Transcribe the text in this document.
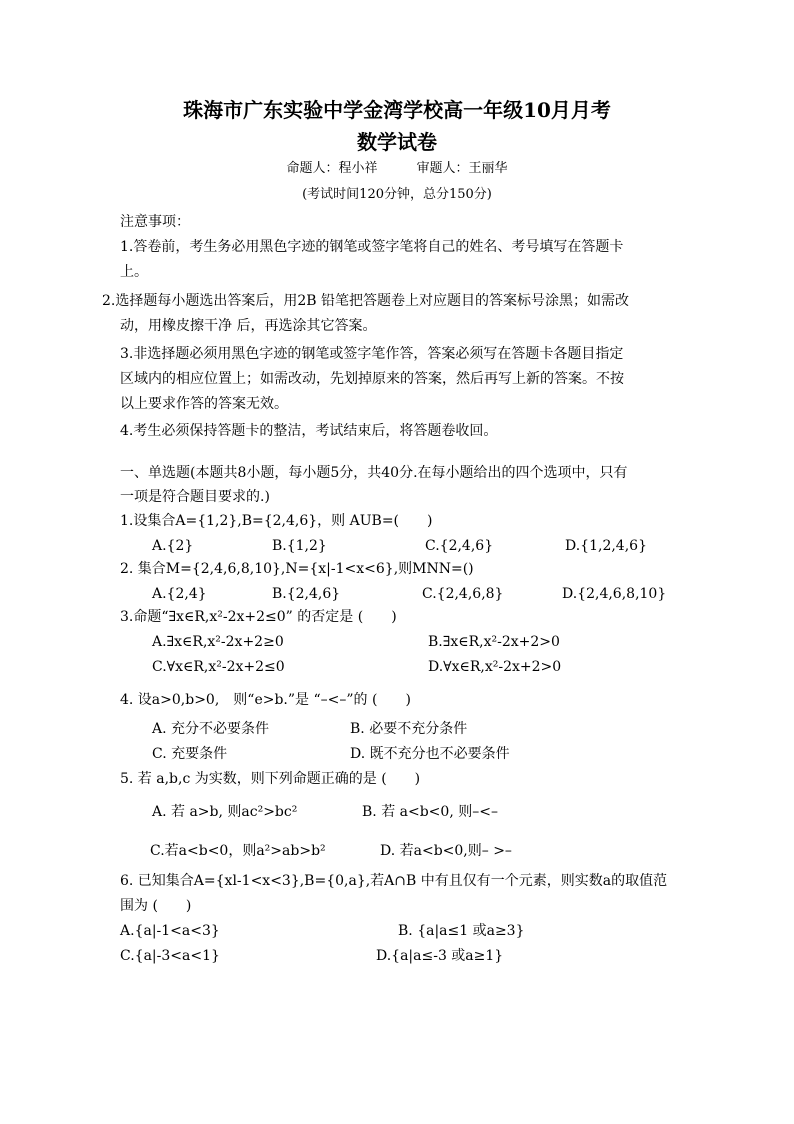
珠海市广东实验中学金湾学校高一年级10月月考
数学试卷
命题人：程小祥　　　审题人：王丽华
(考试时间120分钟，总分150分)
注意事项：
1.答卷前，考生务必用黑色字迹的钢笔或签字笔将自己的姓名、考号填写在答题卡
上。
2.选择题每小题选出答案后，用2B 铅笔把答题卷上对应题目的答案标号涂黑；如需改
动，用橡皮擦干净 后，再选涂其它答案。
3.非选择题必须用黑色字迹的钢笔或签字笔作答，答案必须写在答题卡各题目指定
区域内的相应位置上；如需改动，先划掉原来的答案，然后再写上新的答案。不按
以上要求作答的答案无效。
4.考生必须保持答题卡的整洁，考试结束后，将答题卷收回。
一、单选题(本题共8小题，每小题5分，共40分.在每小题给出的四个选项中，只有
一项是符合题目要求的.)
1.设集合A={1,2},B={2,4,6}，则 AUB=(　　)
A.{2}	B.{1,2}	C.{2,4,6}	D.{1,2,4,6}
2. 集合M={2,4,6,8,10},N={x|-1<x<6},则MNN=()
A.{2,4}	B.{2,4,6}	C.{2,4,6,8}	D.{2,4,6,8,10}
3.命题“∃x∈R,x²-2x+2≤0” 的否定是 (　　)
A.∃x∈R,x²-2x+2≥0	B.∃x∈R,x²-2x+2>0
C.∀x∈R,x²-2x+2≤0	D.∀x∈R,x²-2x+2>0
4. 设a>0,b>0,　则“e>b.”是 “–<–”的 (　　)
A. 充分不必要条件	B. 必要不充分条件
C. 充要条件	D. 既不充分也不必要条件
5. 若 a,b,c 为实数，则下列命题正确的是 (　　)
A. 若 a>b, 则ac²>bc²	B. 若 a<b<0, 则–<–
C.若a<b<0，则a²>ab>b²	D. 若a<b<0,则– >–
6. 已知集合A={xl-1<x<3},B={0,a},若A∩B 中有且仅有一个元素，则实数a的取值范
围为 (　　)
A.{a|-1<a<3}	B. {a|a≤1 或a≥3}
C.{a|-3<a<1}	D.{a|a≤-3 或a≥1}
